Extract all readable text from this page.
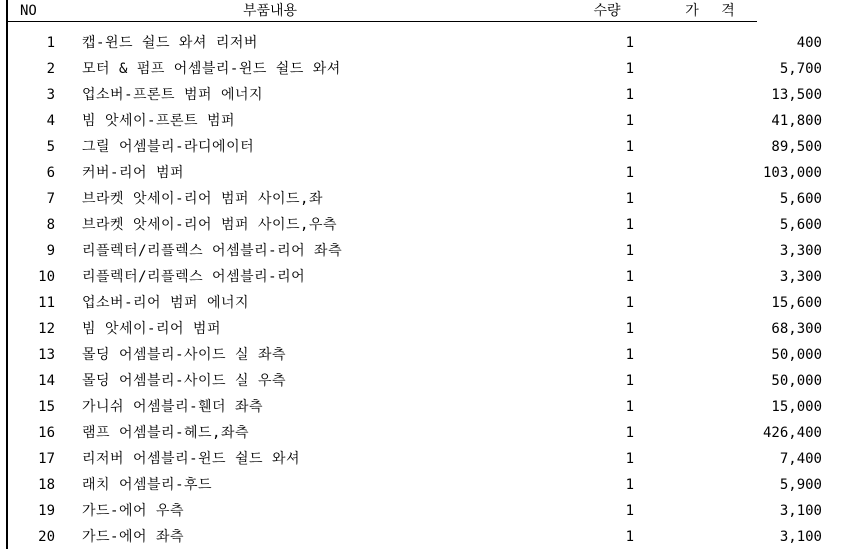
NO	부품내용	수량	가 격
1 캡-윈드 쉴드 와셔 리저버	1	400
2 모터 & 펌프 어셈블리-윈드 쉴드 와셔	1	5,700
3 업소버-프론트 범퍼 에너지	1	13,500
4 빔 앗세이-프론트 범퍼	1	41,800
5 그릴 어셈블리-라디에이터	1	89,500
6 커버-리어 범퍼	1	103,000
7 브라켓 앗세이-리어 범퍼 사이드,좌	1	5,600
8 브라켓 앗세이-리어 범퍼 사이드,우측	1	5,600
9 리플렉터/리플렉스 어셈블리-리어 좌측	1	3,300
10 리플렉터/리플렉스 어셈블리-리어	1	3,300
11 업소버-리어 범퍼 에너지	1	15,600
12 빔 앗세이-리어 범퍼	1	68,300
13 몰딩 어셈블리-사이드 실 좌측	1	50,000
14 몰딩 어셈블리-사이드 실 우측	1	50,000
15 가니쉬 어셈블리-휀더 좌측	1	15,000
16 램프 어셈블리-헤드,좌측	1	426,400
17 리저버 어셈블리-윈드 쉴드 와셔	1	7,400
18 래치 어셈블리-후드	1	5,900
19 가드-에어 우측	1	3,100
20 가드-에어 좌측	1	3,100
